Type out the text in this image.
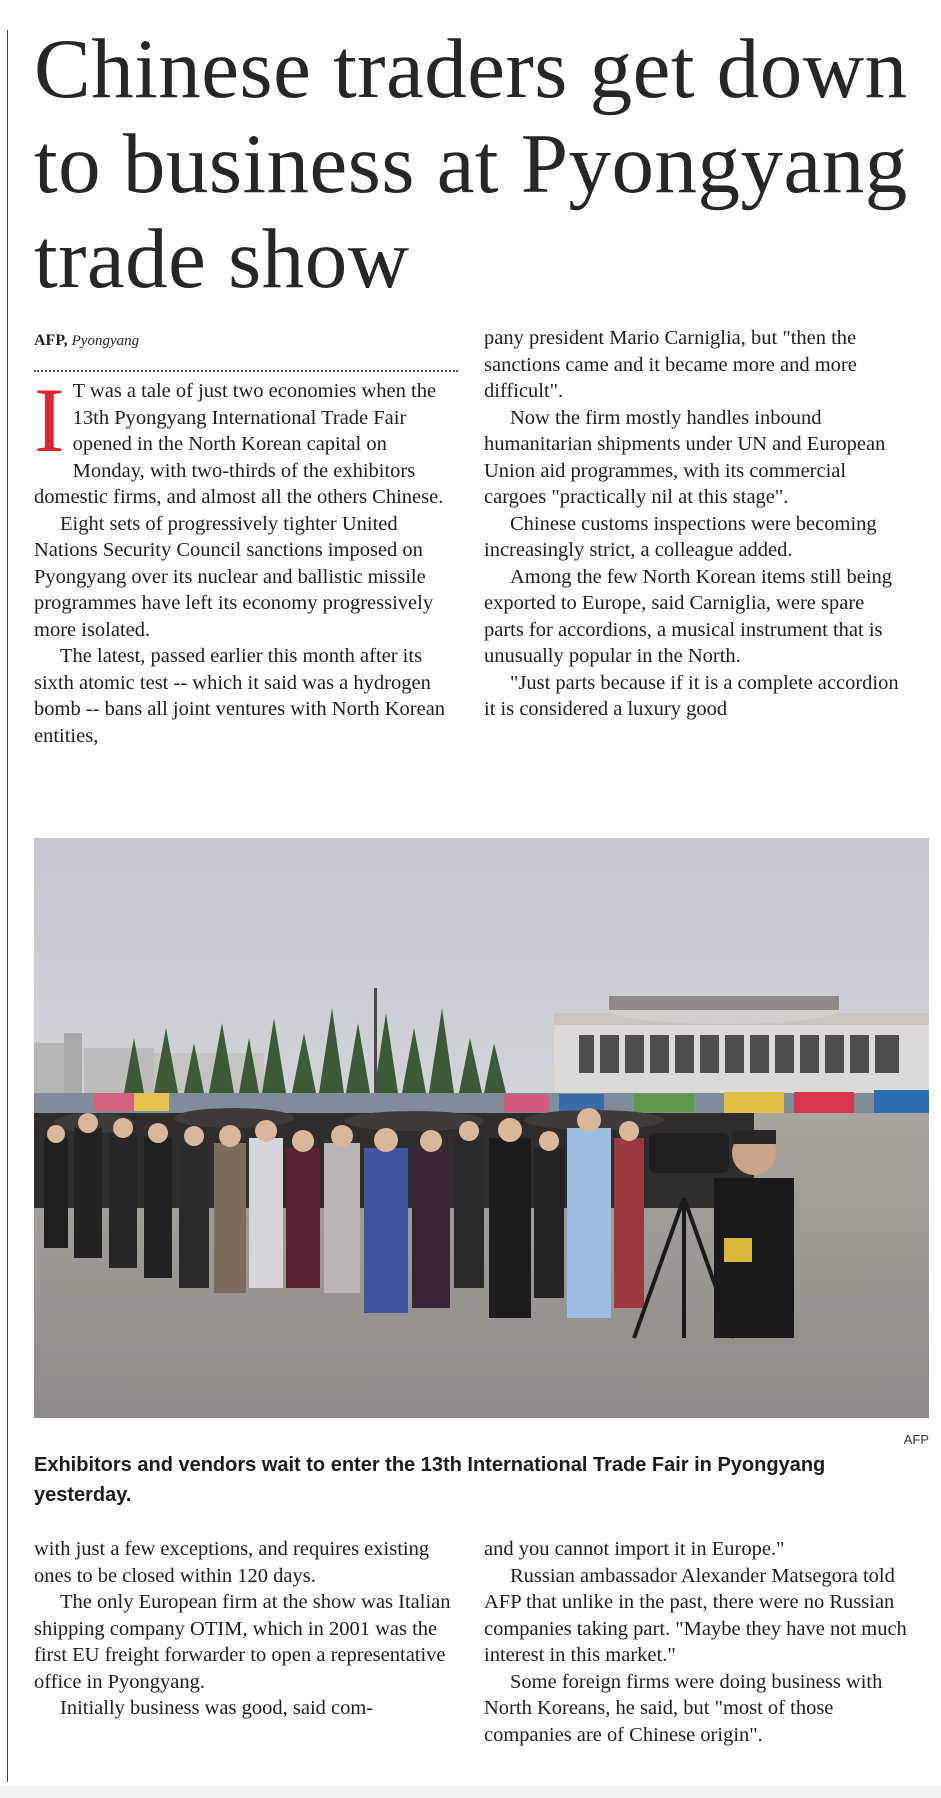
Chinese traders get down to business at Pyongyang trade show
AFP, Pyongyang

I T was a tale of just two economies when the 13th Pyongyang International Trade Fair opened in the North Korean capital on Monday, with two-thirds of the exhibitors domestic firms, and almost all the others Chinese.

Eight sets of progressively tighter United Nations Security Council sanctions imposed on Pyongyang over its nuclear and ballistic missile programmes have left its economy progressively more isolated.

The latest, passed earlier this month after its sixth atomic test -- which it said was a hydrogen bomb -- bans all joint ventures with North Korean entities,

pany president Mario Carniglia, but "then the sanctions came and it became more and more difficult".

Now the firm mostly handles inbound humanitarian shipments under UN and European Union aid programmes, with its commercial cargoes "practically nil at this stage".

Chinese customs inspections were becoming increasingly strict, a colleague added.

Among the few North Korean items still being exported to Europe, said Carniglia, were spare parts for accordions, a musical instrument that is unusually popular in the North.

"Just parts because if it is a complete accordion it is considered a luxury good

AFP
Exhibitors and vendors wait to enter the 13th International Trade Fair in Pyongyang yesterday.

with just a few exceptions, and requires existing ones to be closed within 120 days.

The only European firm at the show was Italian shipping company OTIM, which in 2001 was the first EU freight forwarder to open a representative office in Pyongyang.

Initially business was good, said com-

and you cannot import it in Europe."

Russian ambassador Alexander Matsegora told AFP that unlike in the past, there were no Russian companies taking part. "Maybe they have not much interest in this market."

Some foreign firms were doing business with North Koreans, he said, but "most of those companies are of Chinese origin".
